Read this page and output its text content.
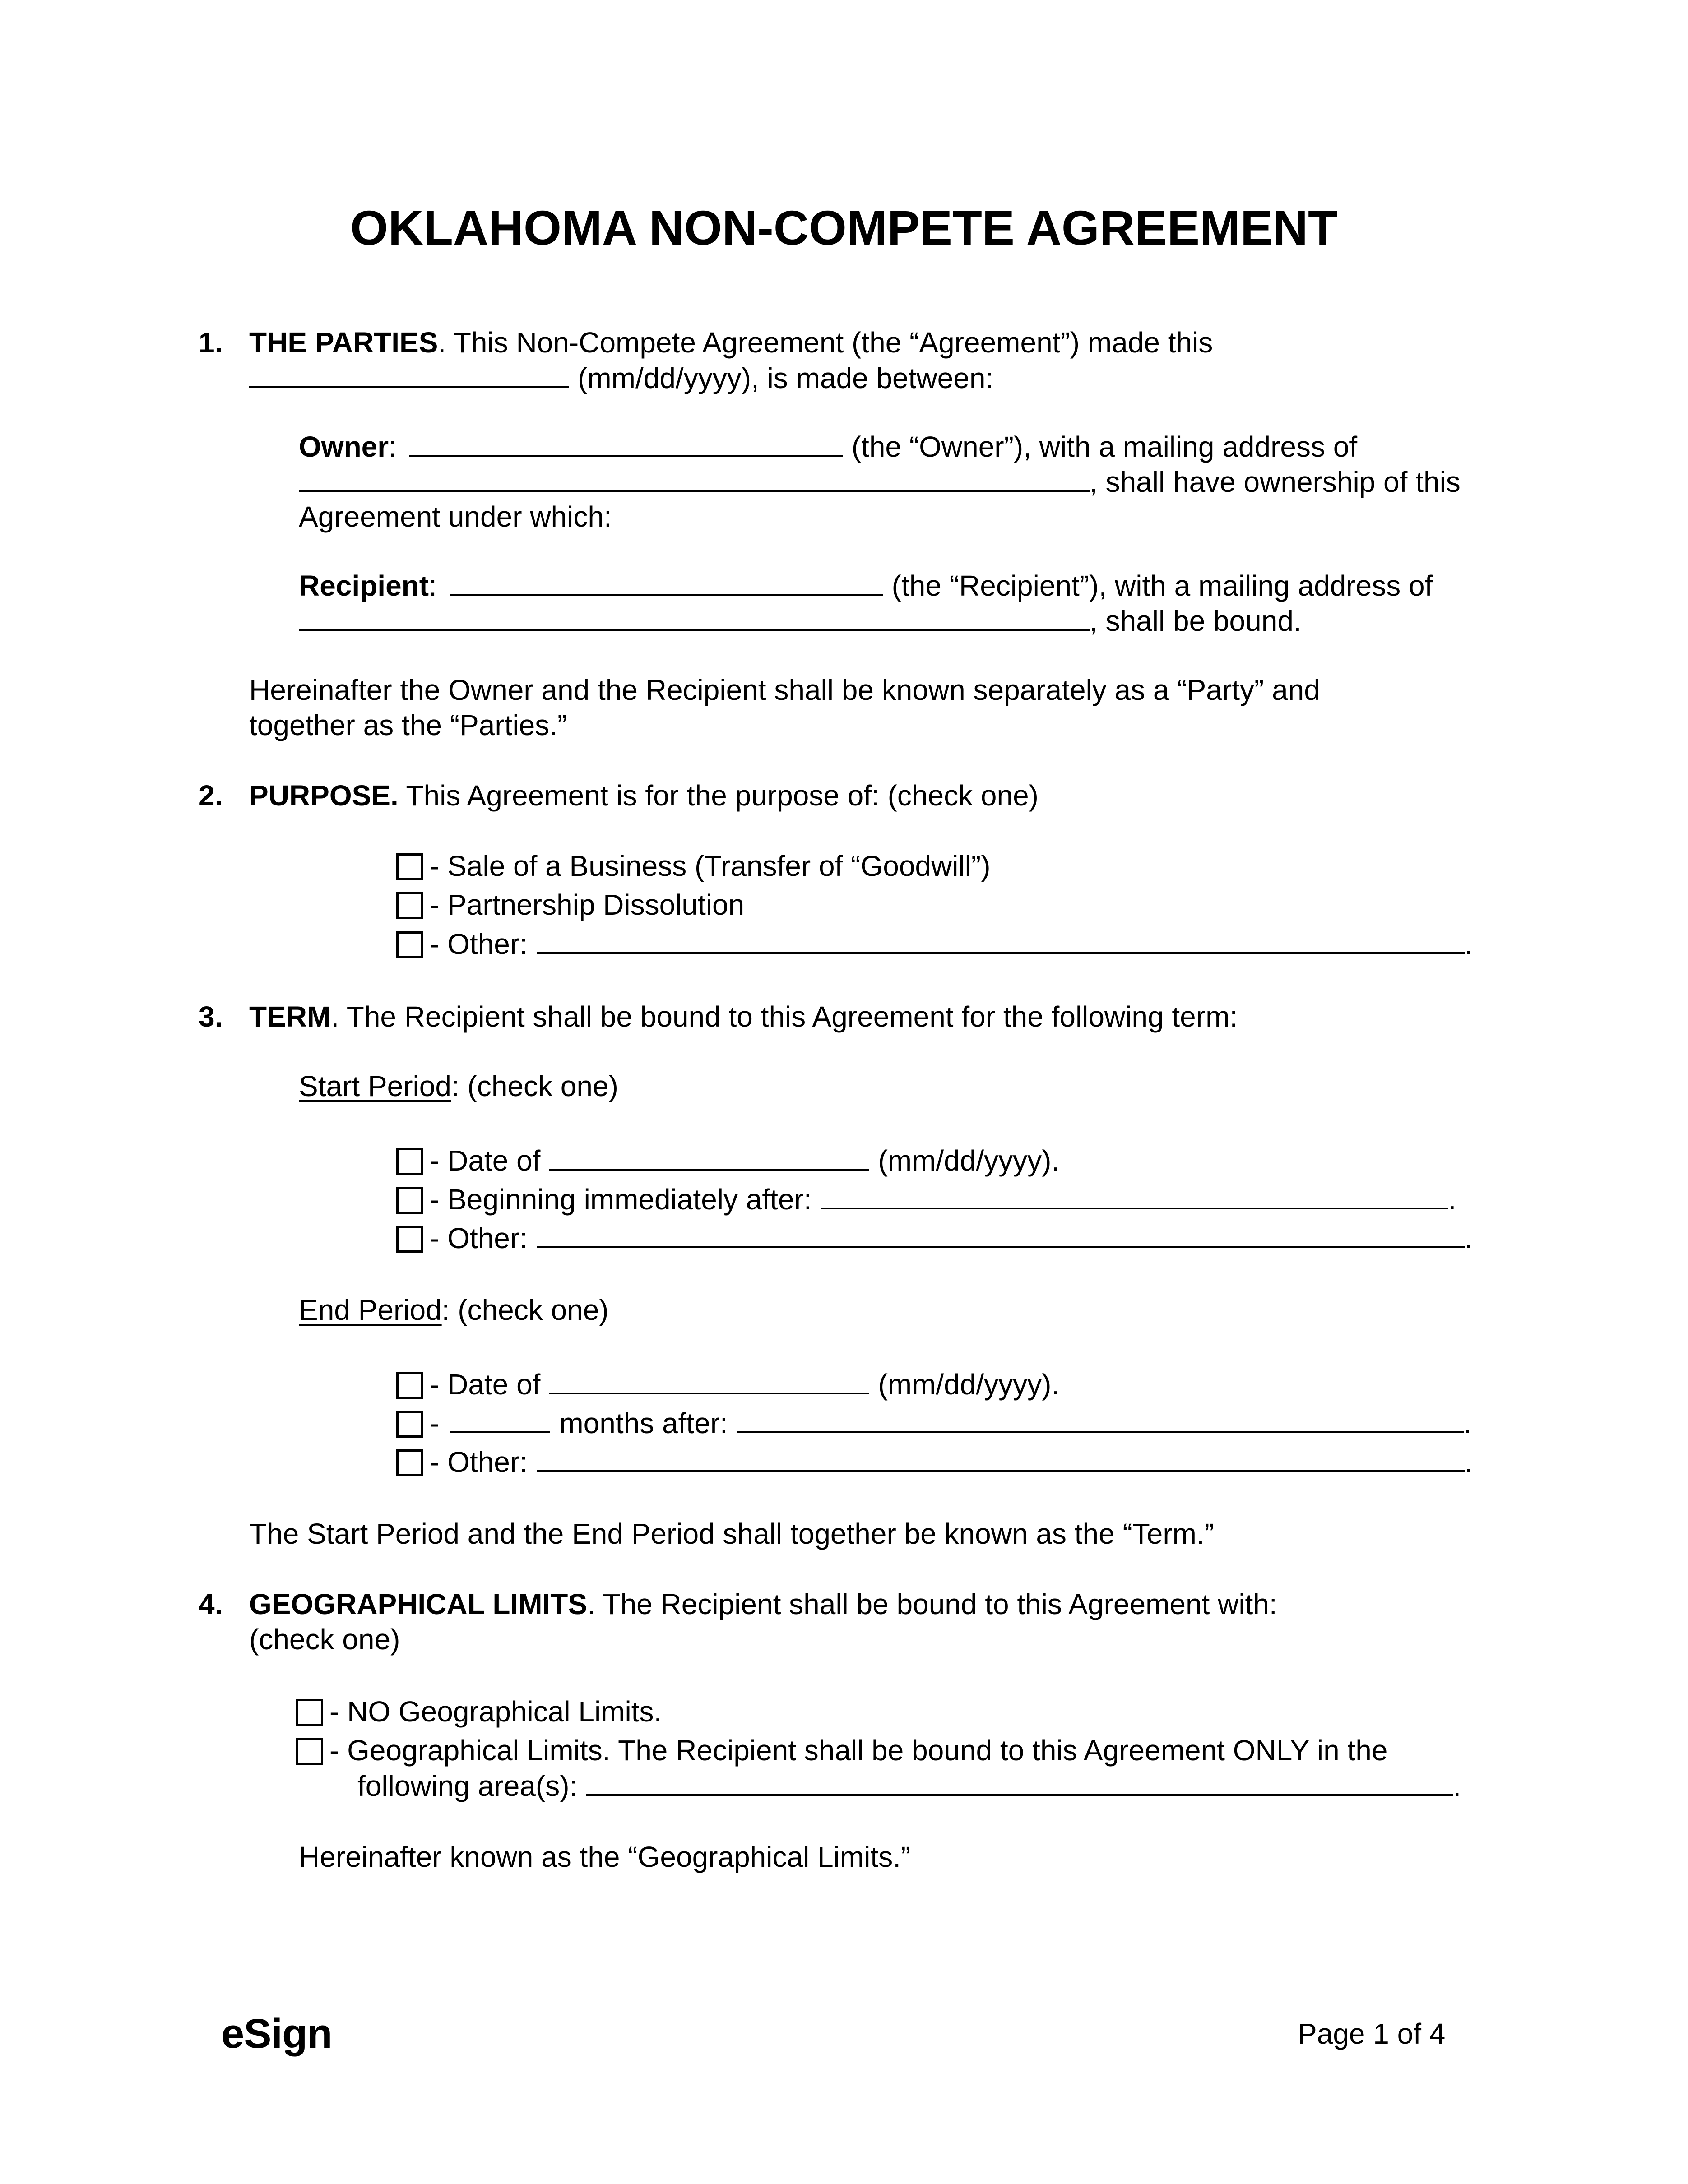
OKLAHOMA NON-COMPETE AGREEMENT
1. THE PARTIES. This Non-Compete Agreement (the “Agreement”) made this
(mm/dd/yyyy), is made between:
Owner:	(the “Owner”), with a mailing address of
, shall have ownership of this
Agreement under which:
Recipient:	(the “Recipient”), with a mailing address of
, shall be bound.
Hereinafter the Owner and the Recipient shall be known separately as a “Party” and
together as the “Parties.”
2. PURPOSE. This Agreement is for the purpose of: (check one)
- Sale of a Business (Transfer of “Goodwill”)
- Partnership Dissolution
- Other:	.
3. TERM. The Recipient shall be bound to this Agreement for the following term:
Start Period: (check one)
- Date of	(mm/dd/yyyy).
- Beginning immediately after:	.
- Other:	.
End Period: (check one)
- Date of	(mm/dd/yyyy).
-	months after:	.
- Other:	.
The Start Period and the End Period shall together be known as the “Term.”
4. GEOGRAPHICAL LIMITS. The Recipient shall be bound to this Agreement with:
(check one)
- NO Geographical Limits.
- Geographical Limits. The Recipient shall be bound to this Agreement ONLY in the
following area(s):	.
Hereinafter known as the “Geographical Limits.”
eSign	Page 1 of 4
